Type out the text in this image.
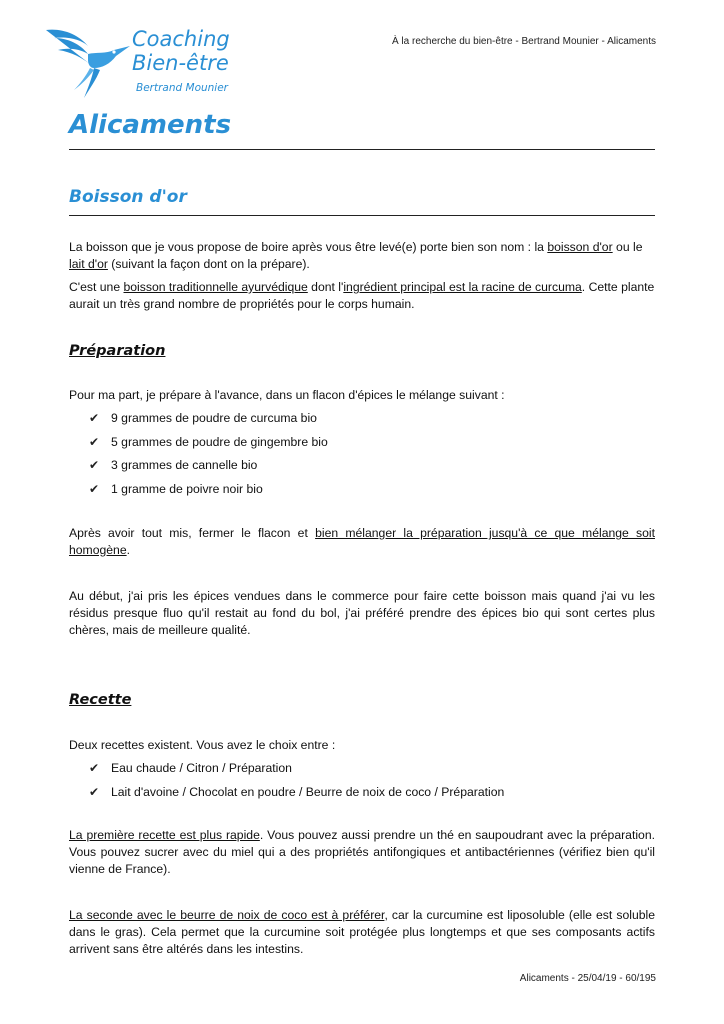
Coaching
Bien-être
Bertrand Mounier
À la recherche du bien-être - Bertrand Mounier - Alicaments
Alicaments
Boisson d'or
La boisson que je vous propose de boire après vous être levé(e) porte bien son nom : la boisson d'or ou le lait d'or (suivant la façon dont on la prépare).
C'est une boisson traditionnelle ayurvédique dont l'ingrédient principal est la racine de curcuma. Cette plante aurait un très grand nombre de propriétés pour le corps humain.
Préparation
Pour ma part, je prépare à l'avance, dans un flacon d'épices le mélange suivant :
✔ 9 grammes de poudre de curcuma bio
✔ 5 grammes de poudre de gingembre bio
✔ 3 grammes de cannelle bio
✔ 1 gramme de poivre noir bio
Après avoir tout mis, fermer le flacon et bien mélanger la préparation jusqu'à ce que mélange soit homogène.
Au début, j'ai pris les épices vendues dans le commerce pour faire cette boisson mais quand j'ai vu les résidus presque fluo qu'il restait au fond du bol, j'ai préféré prendre des épices bio qui sont certes plus chères, mais de meilleure qualité.
Recette
Deux recettes existent. Vous avez le choix entre :
✔ Eau chaude / Citron / Préparation
✔ Lait d'avoine / Chocolat en poudre / Beurre de noix de coco / Préparation
La première recette est plus rapide. Vous pouvez aussi prendre un thé en saupoudrant avec la préparation. Vous pouvez sucrer avec du miel qui a des propriétés antifongiques et antibactériennes (vérifiez bien qu'il vienne de France).
La seconde avec le beurre de noix de coco est à préférer, car la curcumine est liposoluble (elle est soluble dans le gras). Cela permet que la curcumine soit protégée plus longtemps et que ses composants actifs arrivent sans être altérés dans les intestins.
Alicaments - 25/04/19 - 60/195
